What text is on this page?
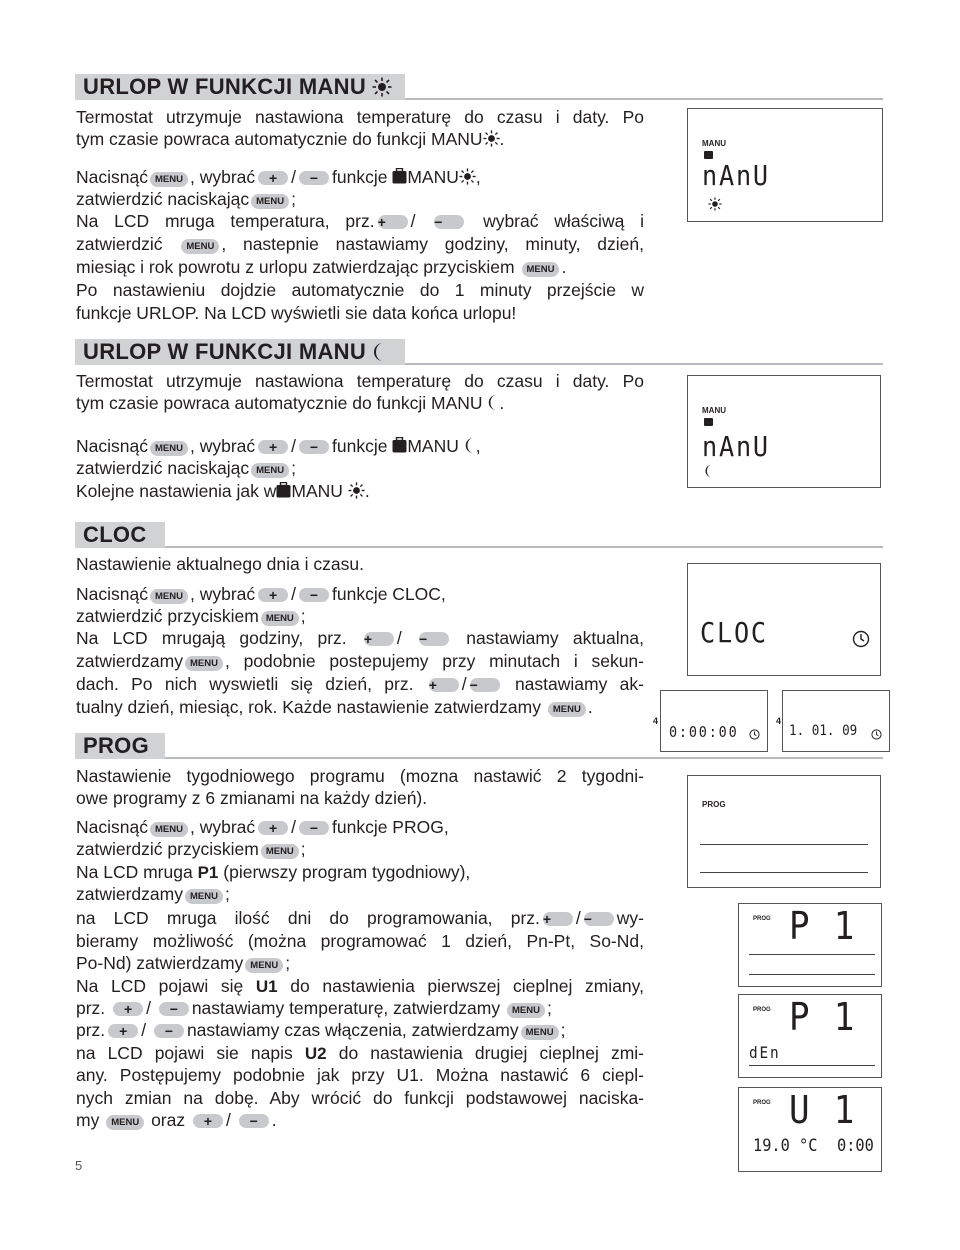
URLOP W FUNKCJI MANU
Termostat utrzymuje nastawiona temperaturę do czasu i daty. Po
tym czasie powraca automatycznie do funkcji MANU .
Nacisnąć MENU , wybrać + / − funkcje MANU ,
zatwierdzić naciskając MENU ;
Na LCD mruga temperatura, prz. + / − wybrać właściwą i
zatwierdzić	MENU , nastepnie nastawiamy godziny, minuty, dzień,
miesiąc i rok powrotu z urlopu zatwierdzając przyciskiem MENU .
Po nastawieniu dojdzie automatycznie do 1 minuty przejście w
funkcje URLOP. Na LCD wyświetli sie data końca urlopu!
URLOP W FUNKCJI MANU
Termostat utrzymuje nastawiona temperaturę do czasu i daty. Po
tym czasie powraca automatycznie do funkcji MANU .
Nacisnąć MENU , wybrać + / − funkcje MANU ,
zatwierdzić naciskając MENU ;
Kolejne nastawienia jak w MANU .
CLOC
Nastawienie aktualnego dnia i czasu.
Nacisnąć MENU , wybrać + / − funkcje CLOC,
zatwierdzić przyciskiem MENU ;
Na LCD mrugają godziny, prz. + / − nastawiamy aktualna,
zatwierdzamy MENU , podobnie postepujemy przy minutach i sekun-
dach. Po nich wyswietli się dzień, prz. + / − nastawiamy ak-
tualny dzień, miesiąc, rok. Każde nastawienie zatwierdzamy MENU .
PROG
Nastawienie tygodniowego programu (mozna nastawić 2 tygodni-
owe programy z 6 zmianami na każdy dzień).
Nacisnąć MENU , wybrać + / − funkcje PROG,
zatwierdzić przyciskiem MENU ;
Na LCD mruga P1 (pierwszy program tygodniowy),
zatwierdzamy MENU ;
na LCD mruga ilość dni do programowania, prz. + / − wy-
bieramy możliwość (można programować 1 dzień, Pn-Pt, So-Nd,
Po-Nd) zatwierdzamy MENU ;
Na LCD pojawi się U1 do nastawienia pierwszej cieplnej zmiany,
prz. + / − nastawiamy temperaturę, zatwierdzamy MENU ;
prz. + / − nastawiamy czas włączenia, zatwierdzamy MENU ;
na LCD pojawi sie napis U2 do nastawienia drugiej cieplnej zmi-
any. Postępujemy podobnie jak przy U1. Można nastawić 6 ciepl-
nych zmian na dobę. Aby wrócić do funkcji podstawowej naciska-
my MENU oraz + / − .
5
MANU
nAnU
MANU
nAnU
CLOC
4
0:00:00
4
1. 01. 09
PROG
PROG P 1
PROG P 1
dEn
PROG U 1
19.0 °C 0:00
